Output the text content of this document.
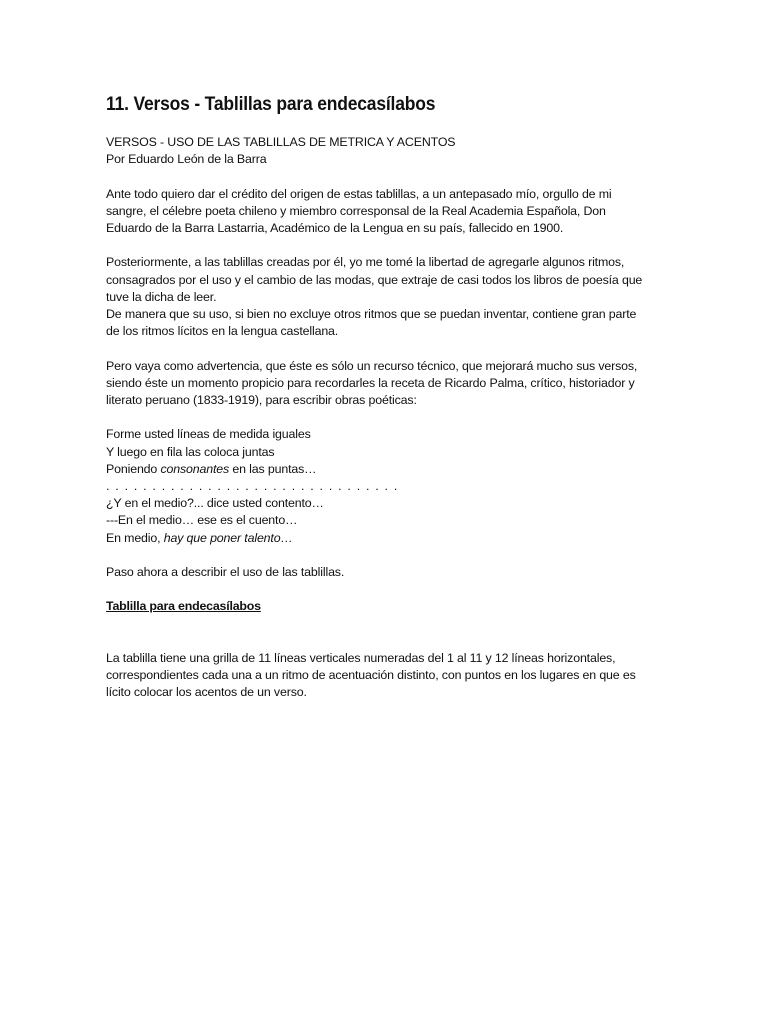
11. Versos - Tablillas para endecasílabos
VERSOS - USO DE LAS TABLILLAS DE METRICA Y ACENTOS
Por Eduardo León de la Barra
Ante todo quiero dar el crédito del origen de estas tablillas, a un antepasado mío, orgullo de mi
sangre, el célebre poeta chileno y miembro corresponsal de la Real Academia Española, Don
Eduardo de la Barra Lastarria, Académico de la Lengua en su país, fallecido en 1900.
Posteriormente, a las tablillas creadas por él, yo me tomé la libertad de agregarle algunos ritmos,
consagrados por el uso y el cambio de las modas, que extraje de casi todos los libros de poesía que
tuve la dicha de leer.
De manera que su uso, si bien no excluye otros ritmos que se puedan inventar, contiene gran parte
de los ritmos lícitos en la lengua castellana.
Pero vaya como advertencia, que éste es sólo un recurso técnico, que mejorará mucho sus versos,
siendo éste un momento propicio para recordarles la receta de Ricardo Palma, crítico, historiador y
literato peruano (1833-1919), para escribir obras poéticas:
Forme usted líneas de medida iguales
Y luego en fila las coloca juntas
Poniendo consonantes en las puntas…
. . . . . . . . . . . . . . . . . . . . . . . . . . . . . . . .
¿Y en el medio?... dice usted contento…
---En el medio… ese es el cuento…
En medio, hay que poner talento…
Paso ahora a describir el uso de las tablillas.
Tablilla para endecasílabos
La tablilla tiene una grilla de 11 líneas verticales numeradas del 1 al 11 y 12 líneas horizontales,
correspondientes cada una a un ritmo de acentuación distinto, con puntos en los lugares en que es
lícito colocar los acentos de un verso.
